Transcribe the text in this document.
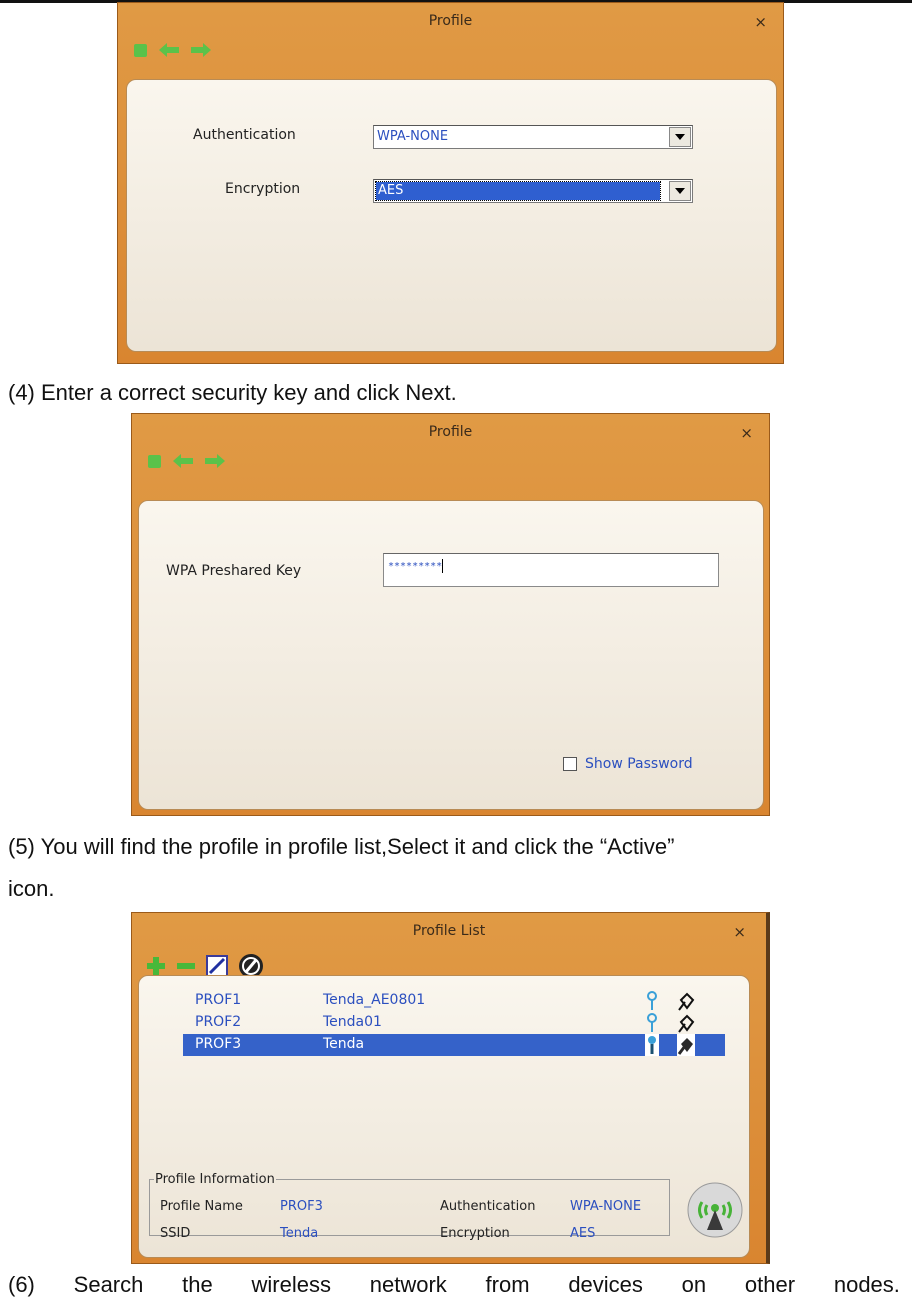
Profile	×
Authentication	WPA-NONE
Encryption	AES
(4) Enter a correct security key and click Next.
Profile	×
WPA Preshared Key	*********
Show Password
(5) You will find the profile in profile list,Select it and click the “Active”
icon.
Profile List	×
PROF1	Tenda_AE0801
PROF2	Tenda01
PROF3	Tenda
Profile Information
Profile Name	PROF3	Authentication	WPA-NONE
SSID	Tenda	Encryption	AES
(6) Search the wireless network from devices on other nodes.
